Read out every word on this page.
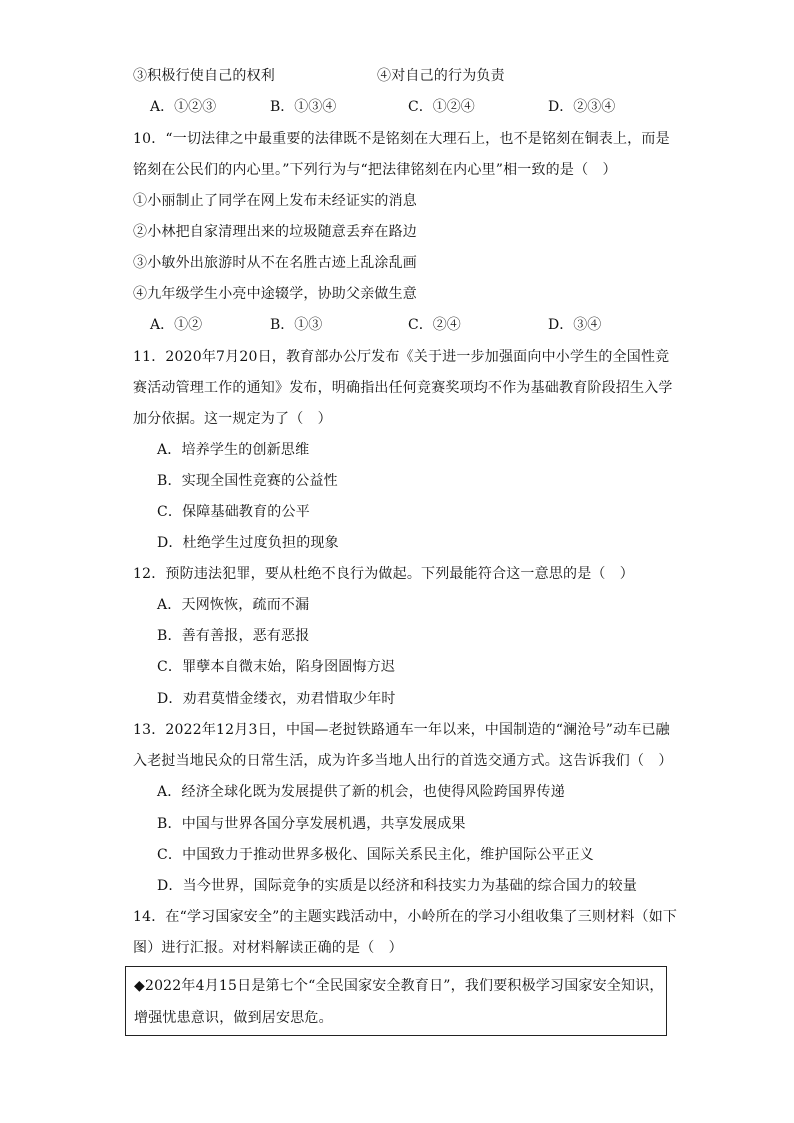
③积极行使自己的权利	④对自己的行为负责
A．①②③	B．①③④	C．①②④	D．②③④
10．“一切法律之中最重要的法律既不是铭刻在大理石上，也不是铭刻在铜表上，而是
铭刻在公民们的内心里。”下列行为与“把法律铭刻在内心里”相一致的是（　）
①小丽制止了同学在网上发布未经证实的消息
②小林把自家清理出来的垃圾随意丢弃在路边
③小敏外出旅游时从不在名胜古迹上乱涂乱画
④九年级学生小亮中途辍学，协助父亲做生意
A．①②	B．①③	C．②④	D．③④
11．2020年7月20日，教育部办公厅发布《关于进一步加强面向中小学生的全国性竞
赛活动管理工作的通知》发布，明确指出任何竞赛奖项均不作为基础教育阶段招生入学
加分依据。这一规定为了（　）
A．培养学生的创新思维
B．实现全国性竞赛的公益性
C．保障基础教育的公平
D．杜绝学生过度负担的现象
12．预防违法犯罪，要从杜绝不良行为做起。下列最能符合这一意思的是（　）
A．天网恢恢，疏而不漏
B．善有善报，恶有恶报
C．罪孽本自微末始，陷身囹圄悔方迟
D．劝君莫惜金缕衣，劝君惜取少年时
13．2022年12月3日，中国—老挝铁路通车一年以来，中国制造的“澜沧号”动车已融
入老挝当地民众的日常生活，成为许多当地人出行的首选交通方式。这告诉我们（　）
A．经济全球化既为发展提供了新的机会，也使得风险跨国界传递
B．中国与世界各国分享发展机遇，共享发展成果
C．中国致力于推动世界多极化、国际关系民主化，维护国际公平正义
D．当今世界，国际竞争的实质是以经济和科技实力为基础的综合国力的较量
14．在“学习国家安全”的主题实践活动中，小岭所在的学习小组收集了三则材料（如下
图）进行汇报。对材料解读正确的是（　）
◆2022年4月15日是第七个“全民国家安全教育日”，我们要积极学习国家安全知识，
增强忧患意识，做到居安思危。
